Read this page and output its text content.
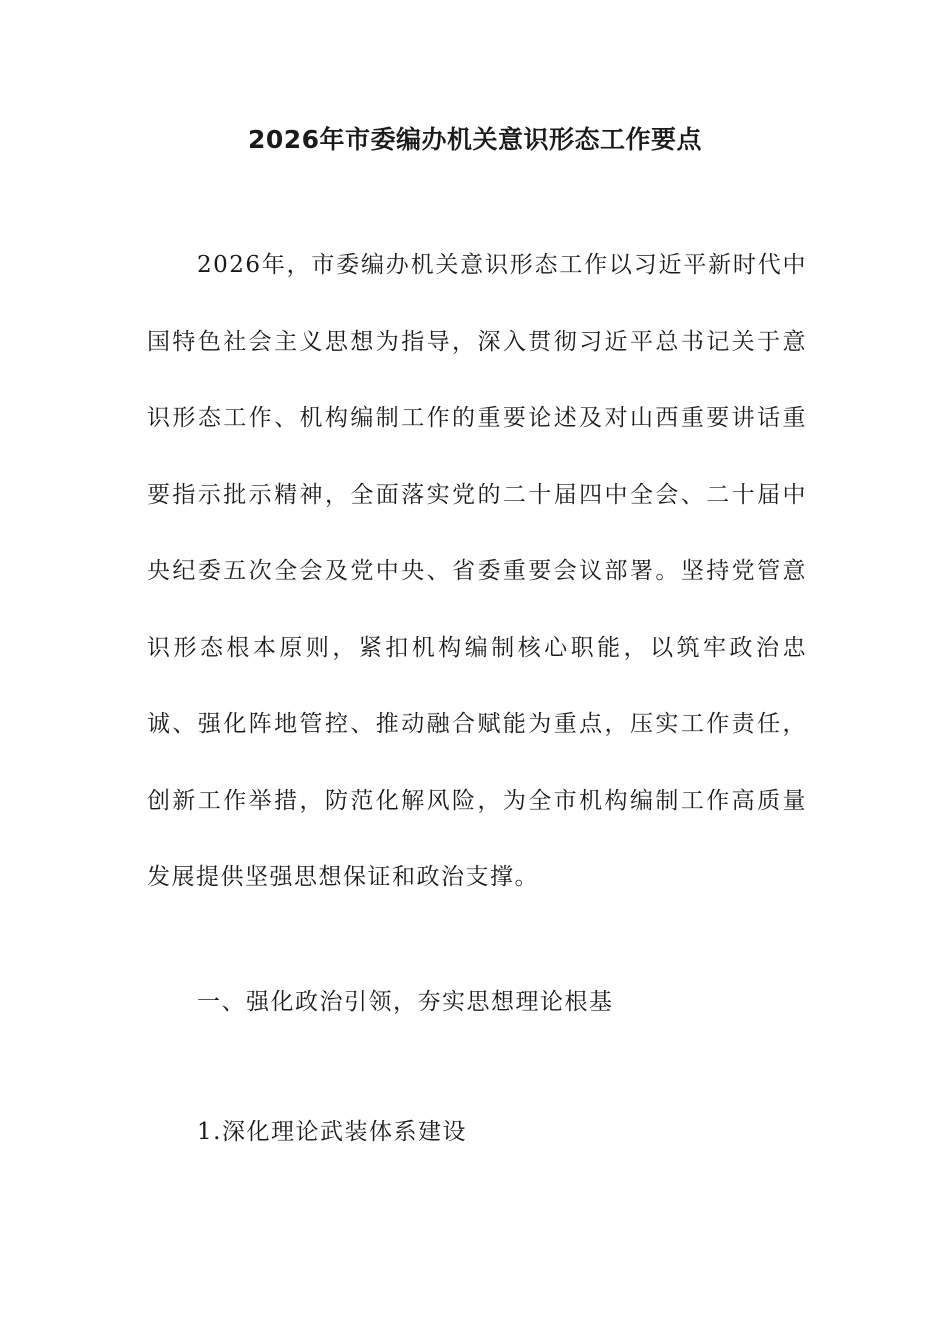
2026年市委编办机关意识形态工作要点

2026年，市委编办机关意识形态工作以习近平新时代中国特色社会主义思想为指导，深入贯彻习近平总书记关于意识形态工作、机构编制工作的重要论述及对山西重要讲话重要指示批示精神，全面落实党的二十届四中全会、二十届中央纪委五次全会及党中央、省委重要会议部署。坚持党管意识形态根本原则，紧扣机构编制核心职能，以筑牢政治忠诚、强化阵地管控、推动融合赋能为重点，压实工作责任，创新工作举措，防范化解风险，为全市机构编制工作高质量发展提供坚强思想保证和政治支撑。

一、强化政治引领，夯实思想理论根基
1.深化理论武装体系建设
